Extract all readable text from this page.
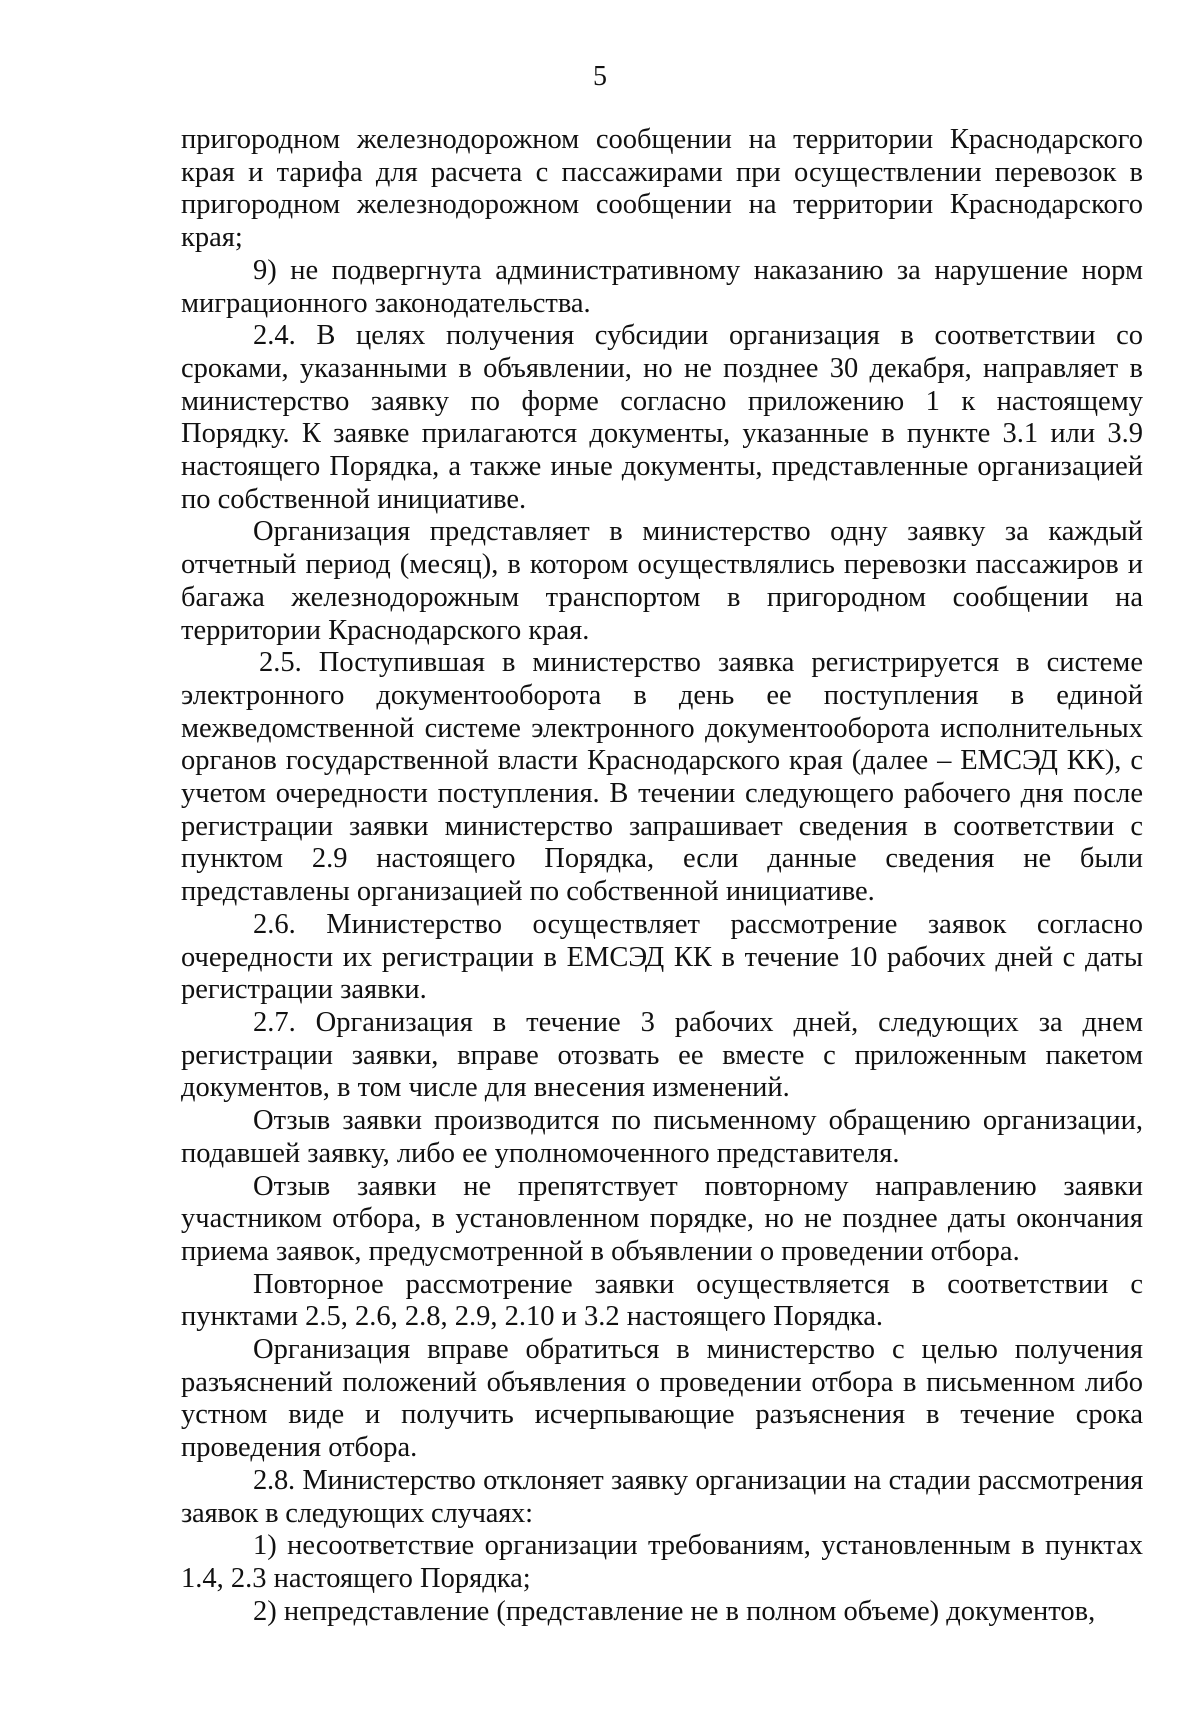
5

пригородном железнодорожном сообщении на территории Краснодарского края и тарифа для расчета с пассажирами при осуществлении перевозок в пригородном железнодорожном сообщении на территории Краснодарского края;

9) не подвергнута административному наказанию за нарушение норм миграционного законодательства.

2.4. В целях получения субсидии организация в соответствии со сроками, указанными в объявлении, но не позднее 30 декабря, направляет в министерство заявку по форме согласно приложению 1 к настоящему Порядку. К заявке прилагаются документы, указанные в пункте 3.1 или 3.9 настоящего Порядка, а также иные документы, представленные организацией по собственной инициативе.

Организация представляет в министерство одну заявку за каждый отчетный период (месяц), в котором осуществлялись перевозки пассажиров и багажа железнодорожным транспортом в пригородном сообщении на территории Краснодарского края.

2.5. Поступившая в министерство заявка регистрируется в системе электронного документооборота в день ее поступления в единой межведомственной системе электронного документооборота исполнительных органов государственной власти Краснодарского края (далее – ЕМСЭД КК), с учетом очередности поступления. В течении следующего рабочего дня после регистрации заявки министерство запрашивает сведения в соответствии с пунктом 2.9 настоящего Порядка, если данные сведения не были представлены организацией по собственной инициативе.

2.6. Министерство осуществляет рассмотрение заявок согласно очередности их регистрации в ЕМСЭД КК в течение 10 рабочих дней с даты регистрации заявки.

2.7. Организация в течение 3 рабочих дней, следующих за днем регистрации заявки, вправе отозвать ее вместе с приложенным пакетом документов, в том числе для внесения изменений.

Отзыв заявки производится по письменному обращению организации, подавшей заявку, либо ее уполномоченного представителя.

Отзыв заявки не препятствует повторному направлению заявки участником отбора, в установленном порядке, но не позднее даты окончания приема заявок, предусмотренной в объявлении о проведении отбора.

Повторное рассмотрение заявки осуществляется в соответствии с пунктами 2.5, 2.6, 2.8, 2.9, 2.10 и 3.2 настоящего Порядка.

Организация вправе обратиться в министерство с целью получения разъяснений положений объявления о проведении отбора в письменном либо устном виде и получить исчерпывающие разъяснения в течение срока проведения отбора.

2.8. Министерство отклоняет заявку организации на стадии рассмотрения заявок в следующих случаях:

1) несоответствие организации требованиям, установленным в пунктах 1.4, 2.3 настоящего Порядка;

2) непредставление (представление не в полном объеме) документов,
